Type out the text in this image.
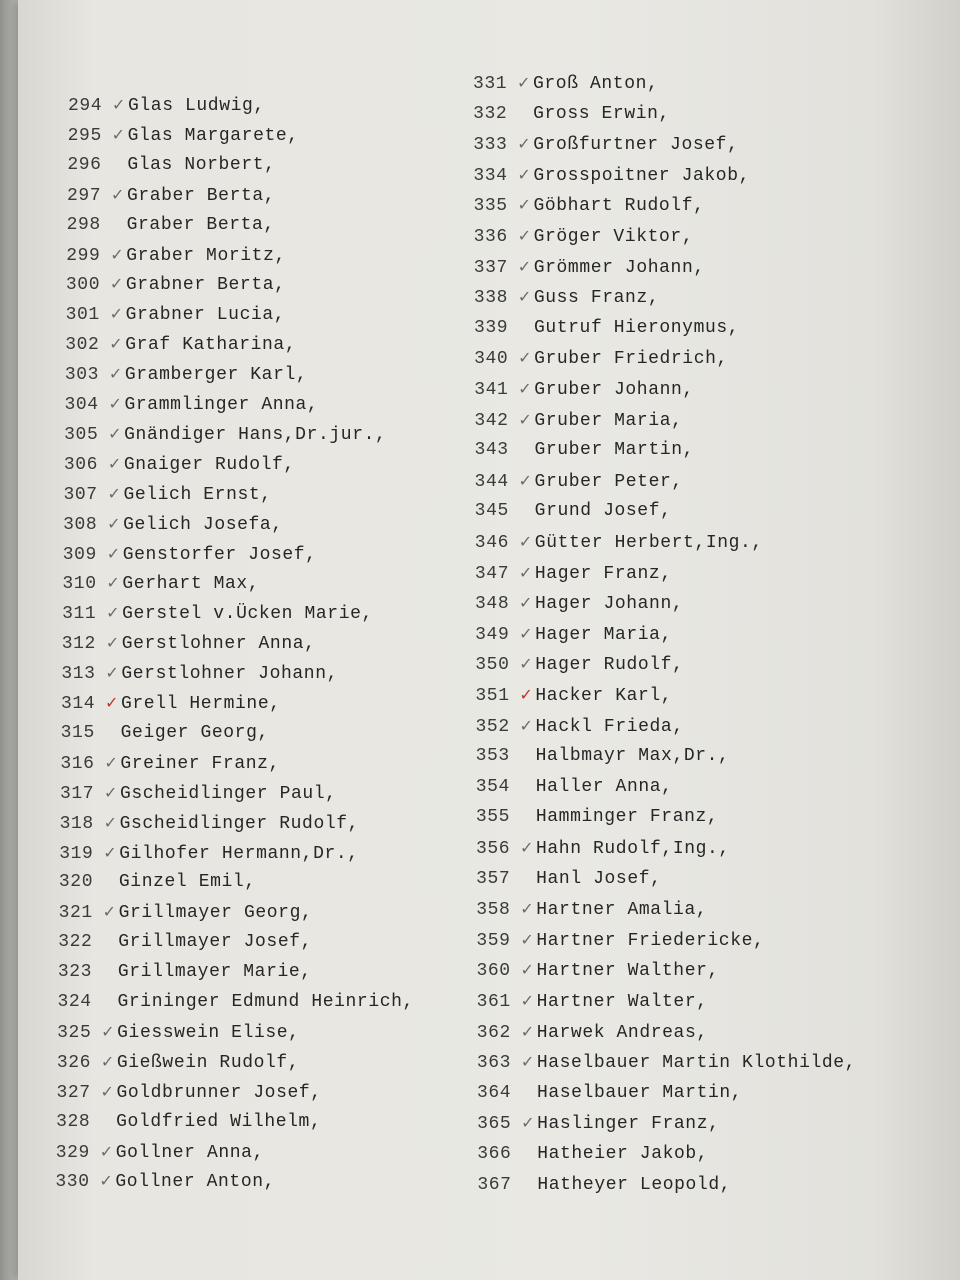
294 ✓ Glas Ludwig,
295 ✓ Glas Margarete,
296 Glas Norbert,
297 ✓ Graber Berta,
298 Graber Berta,
299 ✓ Graber Moritz,
300 ✓ Grabner Berta,
301 ✓ Grabner Lucia,
302 ✓ Graf Katharina,
303 ✓ Gramberger Karl,
304 ✓ Grammlinger Anna,
305 ✓ Gnändiger Hans,Dr.jur.,
306 ✓ Gnaiger Rudolf,
307 ✓ Gelich Ernst,
308 ✓ Gelich Josefa,
309 ✓ Genstorfer Josef,
310 ✓ Gerhart Max,
311 ✓ Gerstel v.Ücken Marie,
312 ✓ Gerstlohner Anna,
313 ✓ Gerstlohner Johann,
314 ✓ Grell Hermine,
315 Geiger Georg,
316 ✓ Greiner Franz,
317 ✓ Gscheidlinger Paul,
318 ✓ Gscheidlinger Rudolf,
319 ✓ Gilhofer Hermann,Dr.,
320 Ginzel Emil,
321 ✓ Grillmayer Georg,
322 Grillmayer Josef,
323 Grillmayer Marie,
324 Grininger Edmund Heinrich,
325 ✓ Giesswein Elise,
326 ✓ Gießwein Rudolf,
327 ✓ Goldbrunner Josef,
328 Goldfried Wilhelm,
329 ✓ Gollner Anna,
330 ✓ Gollner Anton,
331 ✓ Groß Anton,
332 Gross Erwin,
333 ✓ Großfurtner Josef,
334 ✓ Grosspoitner Jakob,
335 ✓ Göbhart Rudolf,
336 ✓ Gröger Viktor,
337 ✓ Grömmer Johann,
338 ✓ Guss Franz,
339 Gutruf Hieronymus,
340 ✓ Gruber Friedrich,
341 ✓ Gruber Johann,
342 ✓ Gruber Maria,
343 Gruber Martin,
344 ✓ Gruber Peter,
345 Grund Josef,
346 ✓ Gütter Herbert,Ing.,
347 ✓ Hager Franz,
348 ✓ Hager Johann,
349 ✓ Hager Maria,
350 ✓ Hager Rudolf,
351 ✓ Hacker Karl,
352 ✓ Hackl Frieda,
353 Halbmayr Max,Dr.,
354 Haller Anna,
355 Hamminger Franz,
356 ✓ Hahn Rudolf,Ing.,
357 Hanl Josef,
358 ✓ Hartner Amalia,
359 ✓ Hartner Friedericke,
360 ✓ Hartner Walther,
361 ✓ Hartner Walter,
362 ✓ Harwek Andreas,
363 ✓ Haselbauer Martin Klothilde,
364 Haselbauer Martin,
365 ✓ Haslinger Franz,
366 Hatheier Jakob,
367 Hatheyer Leopold,
